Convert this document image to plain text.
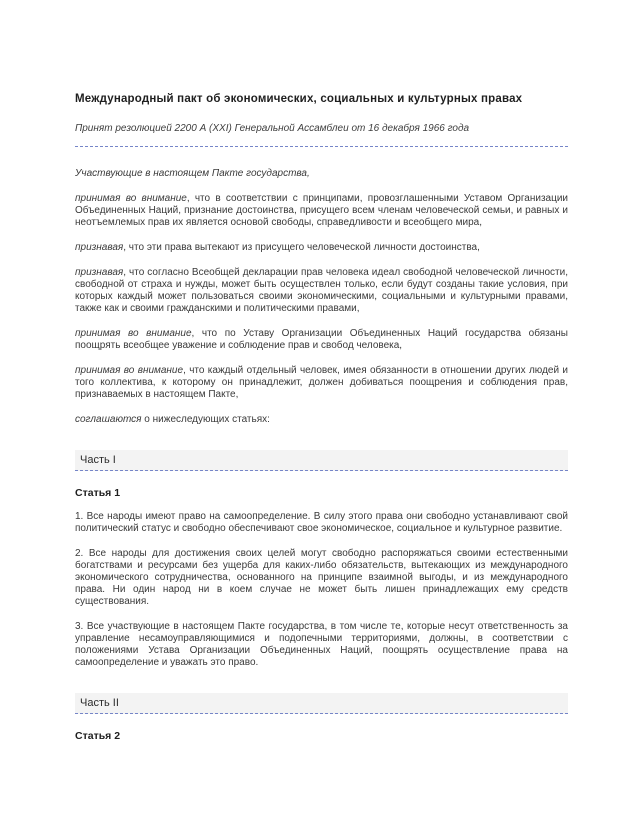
Международный пакт об экономических, социальных и культурных правах

Принят резолюцией 2200 А (XXI) Генеральной Ассамблеи от 16 декабря 1966 года

Участвующие в настоящем Пакте государства,

принимая во внимание, что в соответствии с принципами, провозглашенными Уставом Организации Объединенных Наций, признание достоинства, присущего всем членам человеческой семьи, и равных и неотъемлемых прав их является основой свободы, справедливости и всеобщего мира,

признавая, что эти права вытекают из присущего человеческой личности достоинства,

признавая, что согласно Всеобщей декларации прав человека идеал свободной человеческой личности, свободной от страха и нужды, может быть осуществлен только, если будут созданы такие условия, при которых каждый может пользоваться своими экономическими, социальными и культурными правами, также как и своими гражданскими и политическими правами,

принимая во внимание, что по Уставу Организации Объединенных Наций государства обязаны поощрять всеобщее уважение и соблюдение прав и свобод человека,

принимая во внимание, что каждый отдельный человек, имея обязанности в отношении других людей и того коллектива, к которому он принадлежит, должен добиваться поощрения и соблюдения прав, признаваемых в настоящем Пакте,

соглашаются о нижеследующих статьях:

Часть I
Статья 1

1. Все народы имеют право на самоопределение. В силу этого права они свободно устанавливают свой политический статус и свободно обеспечивают свое экономическое, социальное и культурное развитие.

2. Все народы для достижения своих целей могут свободно распоряжаться своими естественными богатствами и ресурсами без ущерба для каких-либо обязательств, вытекающих из международного экономического сотрудничества, основанного на принципе взаимной выгоды, и из международного права. Ни один народ ни в коем случае не может быть лишен принадлежащих ему средств существования.

3. Все участвующие в настоящем Пакте государства, в том числе те, которые несут ответственность за управление несамоуправляющимися и подопечными территориями, должны, в соответствии с положениями Устава Организации Объединенных Наций, поощрять осуществление права на самоопределение и уважать это право.

Часть II
Статья 2
